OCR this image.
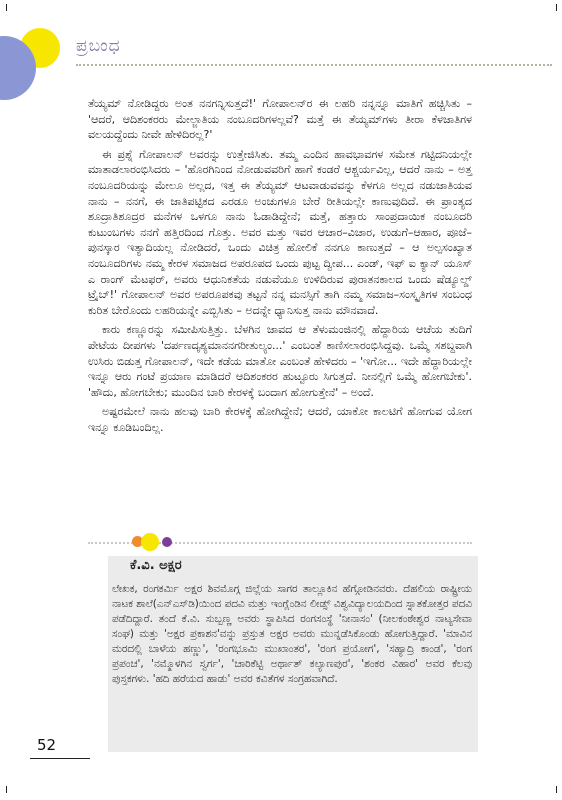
ಪ್ರಬಂಧ

ತೆಯ್ಯಮ್ ನೋಡಿದ್ದರು ಅಂತ ನನಗನ್ನಿಸುತ್ತದೆ!' ಗೋಪಾಲನ್‌ರ ಈ ಲಹರಿ ನನ್ನನ್ನೂ ಮಾತಿಗೆ ಹಚ್ಚಿಸಿತು – 'ಆದರೆ, ಆದಿಶಂಕರರು ಮೇಲ್ಜಾತಿಯ ನಂಬೂದರಿಗಳಲ್ಲವೆ? ಮತ್ತೆ ಈ ತೆಯ್ಯಮ್‌ಗಳು ತೀರಾ ಕೆಳಜಾತಿಗಳ ವಲಯದ್ದೆಂದು ನೀವೇ ಹೇಳಿದಿರಲ್ಲ?'

ಈ ಪ್ರಶ್ನೆ ಗೋಪಾಲನ್ ಅವರನ್ನು ಉತ್ತೇಜಿಸಿತು. ತಮ್ಮ ಎಂದಿನ ಹಾವಭಾವಗಳ ಸಮೇತ ಗಟ್ಟಿದನಿಯಲ್ಲೇ ಮಾತಾಡಲಾರಂಭಿಸಿದರು – 'ಹೊರಗಿನಿಂದ ನೋಡುವವರಿಗೆ ಹಾಗೆ ಕಂಡರೆ ಆಶ್ಚರ್ಯವಿಲ್ಲ, ಆದರೆ ನಾನು – ಅತ್ತ ನಂಬೂದರಿಯನ್ನು ಮೇಲೂ ಅಲ್ಲದ, ಇತ್ತ ಈ ತೆಯ್ಯಮ್ ಆಟವಾಡುವವನ್ನು ಕೆಳಗೂ ಅಲ್ಲದ ನಡುಜಾತಿಯವ ನಾನು – ನನಗೆ, ಈ ಜಾತಿಪಟ್ಟಿಕದ ಎರಡೂ ಅಂಚುಗಳೂ ಬೇರೆ ರೀತಿಯಲ್ಲೇ ಕಾಣುವುದಿದೆ. ಈ ಪ್ರಾಂತ್ಯದ ಶೂದ್ರಾತಿಶೂದ್ರರ ಮನೆಗಳ ಒಳಗೂ ನಾನು ಓಡಾಡಿದ್ದೇನೆ; ಮತ್ತೆ, ಹತ್ತಾರು ಸಾಂಪ್ರದಾಯಿಕ ನಂಬೂದರಿ ಕುಟುಂಬಗಳು ನನಗೆ ಹತ್ತಿರದಿಂದ ಗೊತ್ತು. ಅವರ ಮತ್ತು ಇವರ ಆಚಾರ–ವಿಚಾರ, ಉಡುಗೆ–ಆಹಾರ, ಪೂಜೆ–ಪುನಸ್ಕಾರ ಇತ್ಯಾದಿಯಲ್ಲ ನೋಡಿದರೆ, ಒಂದು ವಿಚಿತ್ರ ಹೋಲಿಕೆ ನನಗೂ ಕಾಣುತ್ತದೆ – ಆ ಅಲ್ಪಸಂಖ್ಯಾತ ನಂಬೂದರಿಗಳು ನಮ್ಮ ಕೇರಳ ಸಮಾಜದ ಅಪರೂಪದ ಒಂದು ಪುಟ್ಟ ದ್ವೀಪ... ಎಂಡ್, ಇಫ್ ಐ ಕ್ಯಾನ್ ಯೂಸ್ ಎ ರಾಂಗ್ ಮೆಟಫರ್, ಅವರು ಆಧುನಿಕತೆಯ ನಡುವೆಯೂ ಉಳಿದಿರುವ ಪುರಾತನಕಾಲದ ಒಂದು ಷೆಡ್ಯೂಲ್ಡ್ ಟ್ರೈಬ್!' ಗೋಪಾಲನ್ ಅವರ ಅಪರೂಪಕವು ತಟ್ಟನೆ ನನ್ನ ಮನಸ್ಸಿಗೆ ತಾಗಿ ನಮ್ಮ ಸಮಾಜ–ಸಂಸ್ಕೃತಿಗಳ ಸಂಬಂಧ ಕುರಿತ ಬೇರೊಂದು ಲಹರಿಯನ್ನೇ ಎಬ್ಬಿಸಿತು – ಅದನ್ನೇ ಧ್ಯಾನಿಸುತ್ತ ನಾನು ಮೌನವಾದೆ.

ಕಾರು ಕಣ್ಣೂರನ್ನು ಸಮೀಪಿಸುತ್ತಿತ್ತು. ಬೆಳಗಿನ ಜಾವದ ಆ ತೆಳುಮಂಜಿನಲ್ಲಿ ಹೆದ್ದಾರಿಯ ಆಚೆಯ ತುದಿಗೆ ಪೇಟೆಯ ದೀಪಗಳು 'ದರ್ಪಣದೃಶ್ಯಮಾನನಗರೀತುಲ್ಯಂ...' ಎಂಬಂತೆ ಕಾಣಿಸಲಾರಂಭಿಸಿದ್ದವು. ಒಮ್ಮೆ ಸಶಬ್ದವಾಗಿ ಉಸಿರು ಬಿಡುತ್ತ ಗೋಪಾಲನ್, ಇದೇ ಕಡೆಯ ಮಾತೋ ಎಂಬಂತೆ ಹೇಳಿದರು – 'ಇಗೋ... ಇದೇ ಹೆದ್ದಾರಿಯಲ್ಲೇ ಇನ್ನೂ ಆರು ಗಂಟೆ ಪ್ರಯಾಣ ಮಾಡಿದರೆ ಆದಿಶಂಕರರ ಹುಟ್ಟೂರು ಸಿಗುತ್ತದೆ. ನೀನಲ್ಲಿಗೆ ಒಮ್ಮೆ ಹೋಗಬೇಕು'. 'ಹೌದು, ಹೋಗಬೇಕು; ಮುಂದಿನ ಬಾರಿ ಕೇರಳಕ್ಕೆ ಬಂದಾಗ ಹೋಗುತ್ತೇನೆ' – ಅಂದೆ.

ಅಷ್ಟರಮೇಲೆ ನಾನು ಹಲವು ಬಾರಿ ಕೇರಳಕ್ಕೆ ಹೋಗಿದ್ದೇನೆ; ಆದರೆ, ಯಾಕೋ ಕಾಲಟಿಗೆ ಹೋಗುವ ಯೋಗ ಇನ್ನೂ ಕೂಡಿಬಂದಿಲ್ಲ.

ಕೆ.ವಿ. ಅಕ್ಷರ
ಲೇಖಕ, ರಂಗಕರ್ಮಿ ಅಕ್ಷರ ಶಿವಮೊಗ್ಗ ಜಿಲ್ಲೆಯ ಸಾಗರ ತಾಲ್ಲೂಕಿನ ಹೆಗ್ಗೋಡಿನವರು. ದೆಹಲಿಯ ರಾಷ್ಟ್ರೀಯ ನಾಟಕ ಶಾಲೆ(ಎನ್‌ಎಸ್‌ಡಿ)ಯಿಂದ ಪದವಿ ಮತ್ತು ಇಂಗ್ಲೆಂಡಿನ ಲೀಡ್ಸ್ ವಿಶ್ವವಿದ್ಯಾಲಯದಿಂದ ಸ್ನಾತಕೋತ್ತರ ಪದವಿ ಪಡೆದಿದ್ದಾರೆ. ತಂದೆ ಕೆ.ವಿ. ಸುಬ್ಬಣ್ಣ ಅವರು ಸ್ಥಾಪಿಸಿದ ರಂಗಸಂಸ್ಥೆ 'ನೀನಾಸಂ' (ನೀಲಕಂಠೇಶ್ವರ ನಾಟ್ಯಸೇವಾ ಸಂಘ) ಮತ್ತು 'ಅಕ್ಷರ ಪ್ರಕಾಶನ'ವನ್ನು ಪ್ರಸ್ತುತ ಅಕ್ಷರ ಅವರು ಮುನ್ನಡೆಸಿಕೊಂಡು ಹೋಗುತ್ತಿದ್ದಾರೆ. 'ಮಾವಿನ ಮರದಲ್ಲಿ ಬಾಳೆಯ ಹಣ್ಣು', 'ರಂಗಭೂಮಿ ಮುಖಾಂತರ', 'ರಂಗ ಪ್ರಯೋಗ', 'ಸಹ್ಯಾದ್ರಿ ಕಾಂಡ', 'ರಂಗ ಪ್ರಪಂಚ', 'ನಮ್ಮೊಳಗಿನ ಸ್ವರ್ಗ', 'ಚಾರಿಕೆಟ್ಟಿ ಅರ್ಥಾತ್ ಕಲ್ಯಾಣಪುರ', 'ಶಂಕರ ವಿಹಾರ' ಅವರ ಕೆಲವು ಪುಸ್ತಕಗಳು. 'ಹದಿ ಹರೆಯದ ಹಾಡು' ಅವರ ಕವಿತೆಗಳ ಸಂಗ್ರಹವಾಗಿದೆ.
52
